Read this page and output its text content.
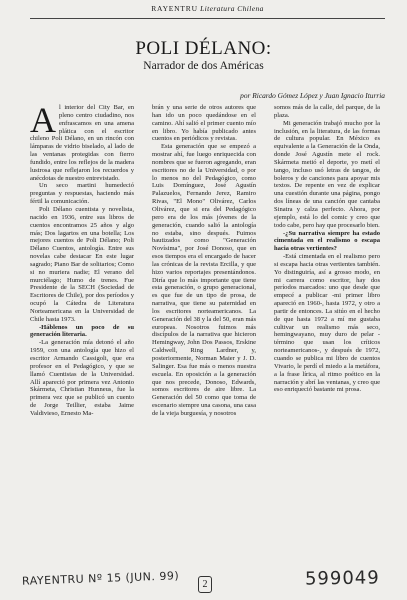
RAYENTRU Literatura Chilena
POLI DÉLANO:
Narrador de dos Américas
por Ricardo Gómez López y Juan Ignacio Iturria

Al interior del City Bar, en pleno centro ciudadino, nos enfrascamos en una amena plática con el escritor chileno Poli Délano, en un rincón con lámparas de vidrio biselado, al lado de las ventanas protegidas con fierro fundido, entre los reflejos de la madera lustrosa que reflejaron los recuerdos y anécdotas de nuestro entrevistado.

Un seco martini humedeció preguntas y respuestas, haciendo más fértil la comunicación.

Poli Délano cuentista y novelista, nacido en 1936, entre sus libros de cuentos encontramos 25 años y algo más; Dos lagartos en una botella; Los mejores cuentos de Poli Délano; Poli Délano Cuentos, antología. Entre sus novelas cabe destacar En este lugar sagrado; Piano Bar de solitarios; Como si no muriera nadie; El verano del murciélago; Humo de trenes. Fue Presidente de la SECH (Sociedad de Escritores de Chile), por dos períodos y ocupó la Cátedra de Literatura Norteamericana en la Universidad de Chile hasta 1973.

-Háblenos un poco de su generación literaria.

-La generación mía detonó el año 1959, con una antología que hizo el escritor Armando Cassigoli, que era profesor en el Pedagógico, y que se llamó Cuentistas de la Universidad. Allí apareció por primera vez Antonio Skármeta, Christian Hunneus, fue la primera vez que se publicó un cuento de Jorge Teillier, estaba Jaime Valdivieso, Ernesto Ma-

brán y una serie de otros autores que han ido un poco quedándose en el camino. Ahí salió el primer cuento mío en libro. Yo había publicado antes cuentos en periódicos y revistas.

Esta generación que se empezó a mostrar ahí, fue luego enriquecida con nombres que se fueron agregando, eran escritores no de la Universidad, o por lo menos no del Pedagógico, como Luis Domínguez, José Agustín Palazuelos, Fernando Jerez, Ramiro Rivas, "El Mono" Olivárez, Carlos Olivárez, que si era del Pedagógico pero era de los más jóvenes de la generación, cuando salió la antología no estaba, sino después. Fuimos bautizados como "Generación Novísima", por José Donoso, que en esos tiempos era el encargado de hacer las crónicas de la revista Ercilla, y que hizo varios reportajes presentándonos. Diría que lo más importante que tiene esta generación, o grupo generacional, es que fue de un tipo de prosa, de narrativa, que tiene su paternidad en los escritores norteamericanos. La Generación del 38 y la del 50, eran más europeas. Nosotros fuimos más discípulos de la narrativa que hicieron Hemingway, John Dos Passos, Erskine Caldwell, Ring Lardner, y, posteriormente, Norman Maier y J. D. Salinger. Esa fue más o menos nuestra escuela. En oposición a la generación que nos precede, Donoso, Edwards, somos escritores de aire libre. La Generación del 50 como que toma de escenario siempre una casona, una casa de la vieja burguesía, y nosotros

somos más de la calle, del parque, de la plaza.

Mi generación trabajó mucho por la inclusión, en la literatura, de las formas de cultura popular. En México es equivalente a la Generación de la Onda, donde José Agustín mete el rock. Skármeta metió el deporte, yo metí el tango, incluso usó letras de tangos, de boleros y de canciones para apoyar mis textos. De repente en vez de explicar una cuestión durante una página, pongo dos líneas de una canción que cantaba Sinatra y calza perfecto. Ahora, por ejemplo, está lo del comic y creo que todo cabe, pero hay que procesarlo bien.

-¿Su narrativa siempre ha estado cimentada en el realismo o escapa hacia otras vertientes?

-Está cimentada en el realismo pero si escapa hacia otras vertientes también. Yo distinguiría, así a grosso modo, en mi carrera como escritor, hay dos períodos marcados: uno que desde que empecé a publicar -mi primer libro apareció en 1960-, hasta 1972, y otro a partir de entonces. La sitúo en el hecho de que hasta 1972 a mí me gustaba cultivar un realismo más seco, hemingwayano, muy duro de pelar -término que usan los críticos norteamericanos-, y después de 1972, cuando se publica mi libro de cuentos Vivario, le perdí el miedo a la metáfora, a la frase lírica, al ritmo poético en la narración y abrí las ventanas, y creo que eso enriqueció bastante mi prosa.

RAYENTRU Nº 15 (JUN. 99)	2	599049
